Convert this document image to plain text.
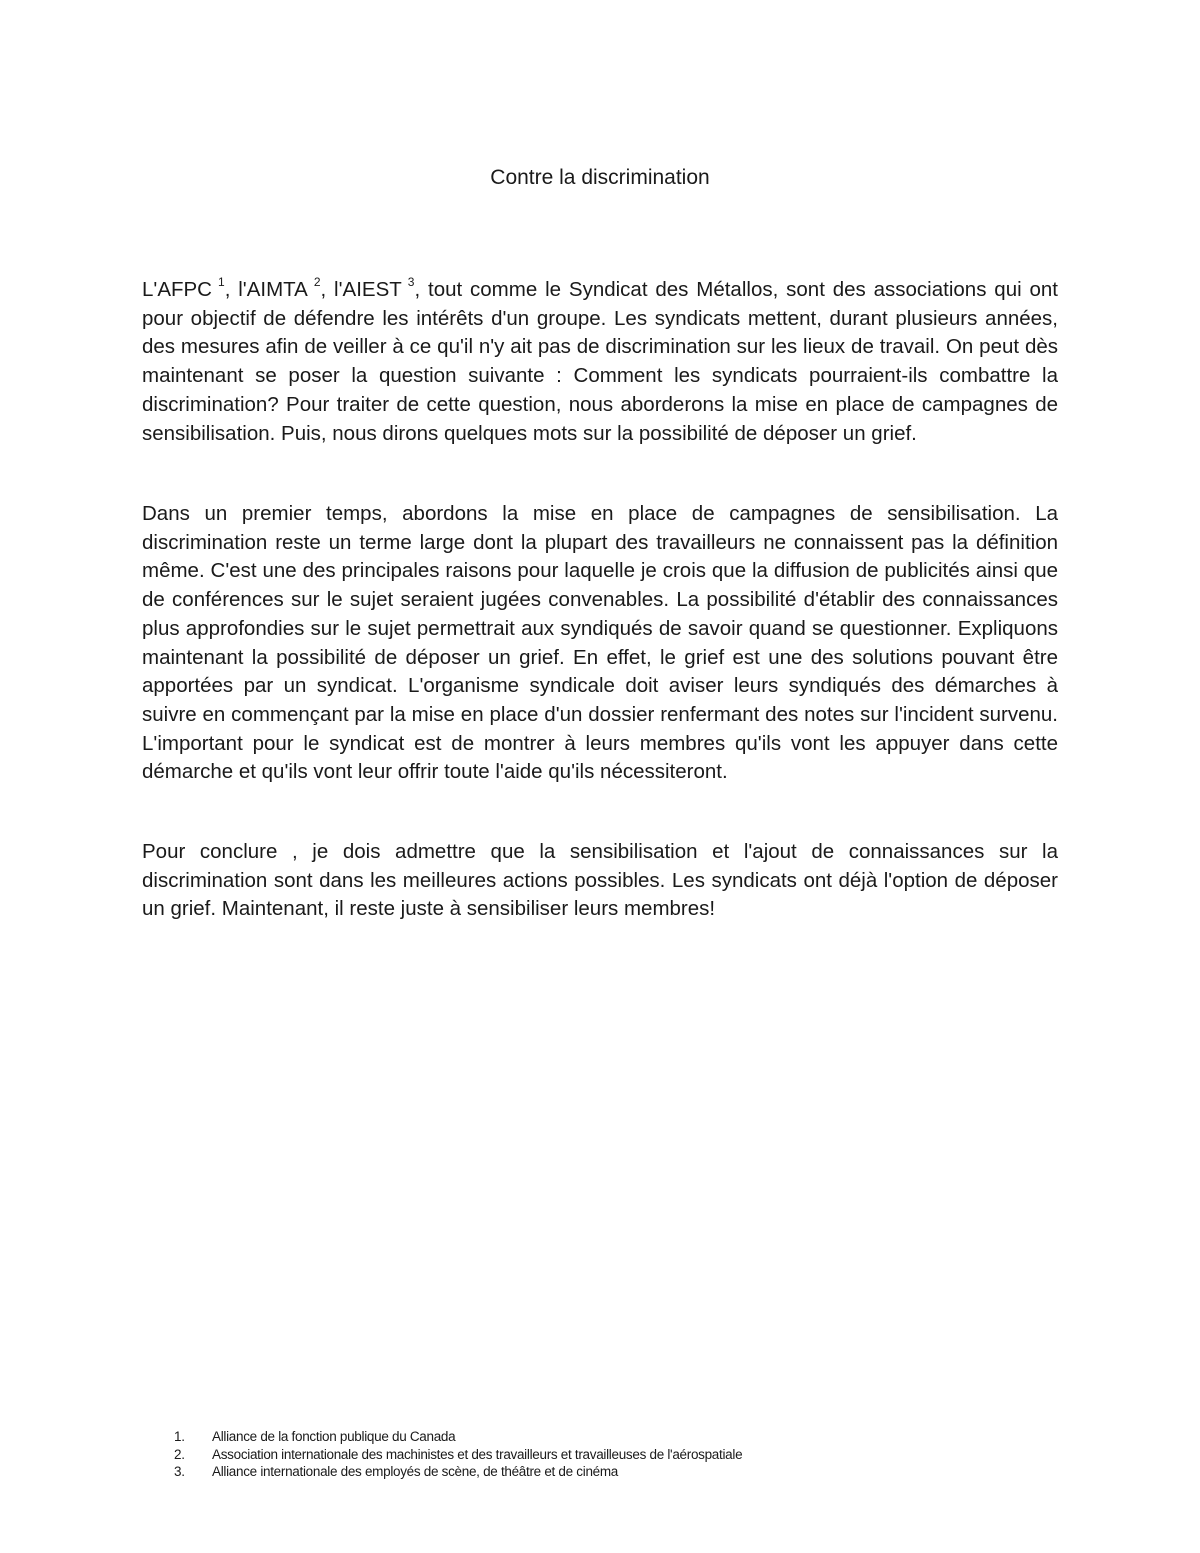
Contre la discrimination

L'AFPC $^1$, l'AIMTA $^2$, l'AIEST $^3$, tout comme le Syndicat des Métallos, sont des associations qui ont pour objectif de défendre les intérêts d'un groupe. Les syndicats mettent, durant plusieurs années, des mesures afin de veiller à ce qu'il n'y ait pas de discrimination sur les lieux de travail. On peut dès maintenant se poser la question suivante : Comment les syndicats pourraient-ils combattre la discrimination? Pour traiter de cette question, nous aborderons la mise en place de campagnes de sensibilisation. Puis, nous dirons quelques mots sur la possibilité de déposer un grief.

Dans un premier temps, abordons la mise en place de campagnes de sensibilisation. La discrimination reste un terme large dont la plupart des travailleurs ne connaissent pas la définition même. C'est une des principales raisons pour laquelle je crois que la diffusion de publicités ainsi que de conférences sur le sujet seraient jugées convenables. La possibilité d'établir des connaissances plus approfondies sur le sujet permettrait aux syndiqués de savoir quand se questionner. Expliquons maintenant la possibilité de déposer un grief. En effet, le grief est une des solutions pouvant être apportées par un syndicat. L'organisme syndicale doit aviser leurs syndiqués des démarches à suivre en commençant par la mise en place d'un dossier renfermant des notes sur l'incident survenu. L'important pour le syndicat est de montrer à leurs membres qu'ils vont les appuyer dans cette démarche et qu'ils vont leur offrir toute l'aide qu'ils nécessiteront.

Pour conclure , je dois admettre que la sensibilisation et l'ajout de connaissances sur la discrimination sont dans les meilleures actions possibles. Les syndicats ont déjà l'option de déposer un grief. Maintenant, il reste juste à sensibiliser leurs membres!

1.	Alliance de la fonction publique du Canada
2.	Association internationale des machinistes et des travailleurs et travailleuses de l'aérospatiale
3.	Alliance internationale des employés de scène, de théâtre et de cinéma
